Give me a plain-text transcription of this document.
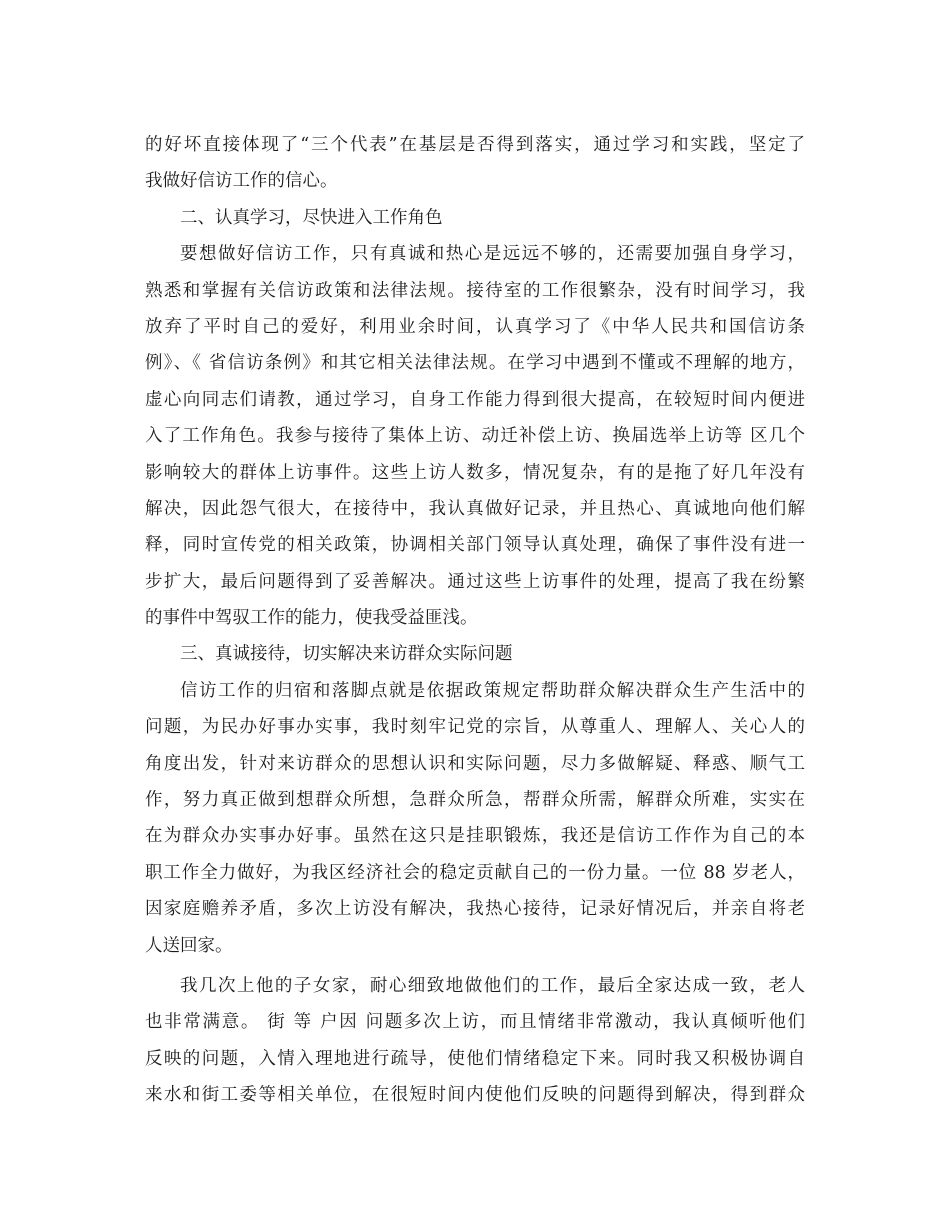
的好坏直接体现了“三个代表”在基层是否得到落实，通过学习和实践，坚定了
我做好信访工作的信心。
二、认真学习，尽快进入工作角色
要想做好信访工作，只有真诚和热心是远远不够的，还需要加强自身学习，
熟悉和掌握有关信访政策和法律法规。接待室的工作很繁杂，没有时间学习，我
放弃了平时自己的爱好，利用业余时间，认真学习了《中华人民共和国信访条
例》、《 省信访条例》和其它相关法律法规。在学习中遇到不懂或不理解的地方，
虚心向同志们请教，通过学习，自身工作能力得到很大提高，在较短时间内便进
入了工作角色。我参与接待了集体上访、动迁补偿上访、换届选举上访等 区几个
影响较大的群体上访事件。这些上访人数多，情况复杂，有的是拖了好几年没有
解决，因此怨气很大，在接待中，我认真做好记录，并且热心、真诚地向他们解
释，同时宣传党的相关政策，协调相关部门领导认真处理，确保了事件没有进一
步扩大，最后问题得到了妥善解决。通过这些上访事件的处理，提高了我在纷繁
的事件中驾驭工作的能力，使我受益匪浅。
三、真诚接待，切实解决来访群众实际问题
信访工作的归宿和落脚点就是依据政策规定帮助群众解决群众生产生活中的
问题，为民办好事办实事，我时刻牢记党的宗旨，从尊重人、理解人、关心人的
角度出发，针对来访群众的思想认识和实际问题，尽力多做解疑、释惑、顺气工
作，努力真正做到想群众所想，急群众所急，帮群众所需，解群众所难，实实在
在为群众办实事办好事。虽然在这只是挂职锻炼，我还是信访工作作为自己的本
职工作全力做好，为我区经济社会的稳定贡献自己的一份力量。一位 88 岁老人，
因家庭赡养矛盾，多次上访没有解决，我热心接待，记录好情况后，并亲自将老
人送回家。
我几次上他的子女家，耐心细致地做他们的工作，最后全家达成一致，老人
也非常满意。 街 等 户因 问题多次上访，而且情绪非常激动，我认真倾听他们
反映的问题，入情入理地进行疏导，使他们情绪稳定下来。同时我又积极协调自
来水和街工委等相关单位，在很短时间内使他们反映的问题得到解决，得到群众
